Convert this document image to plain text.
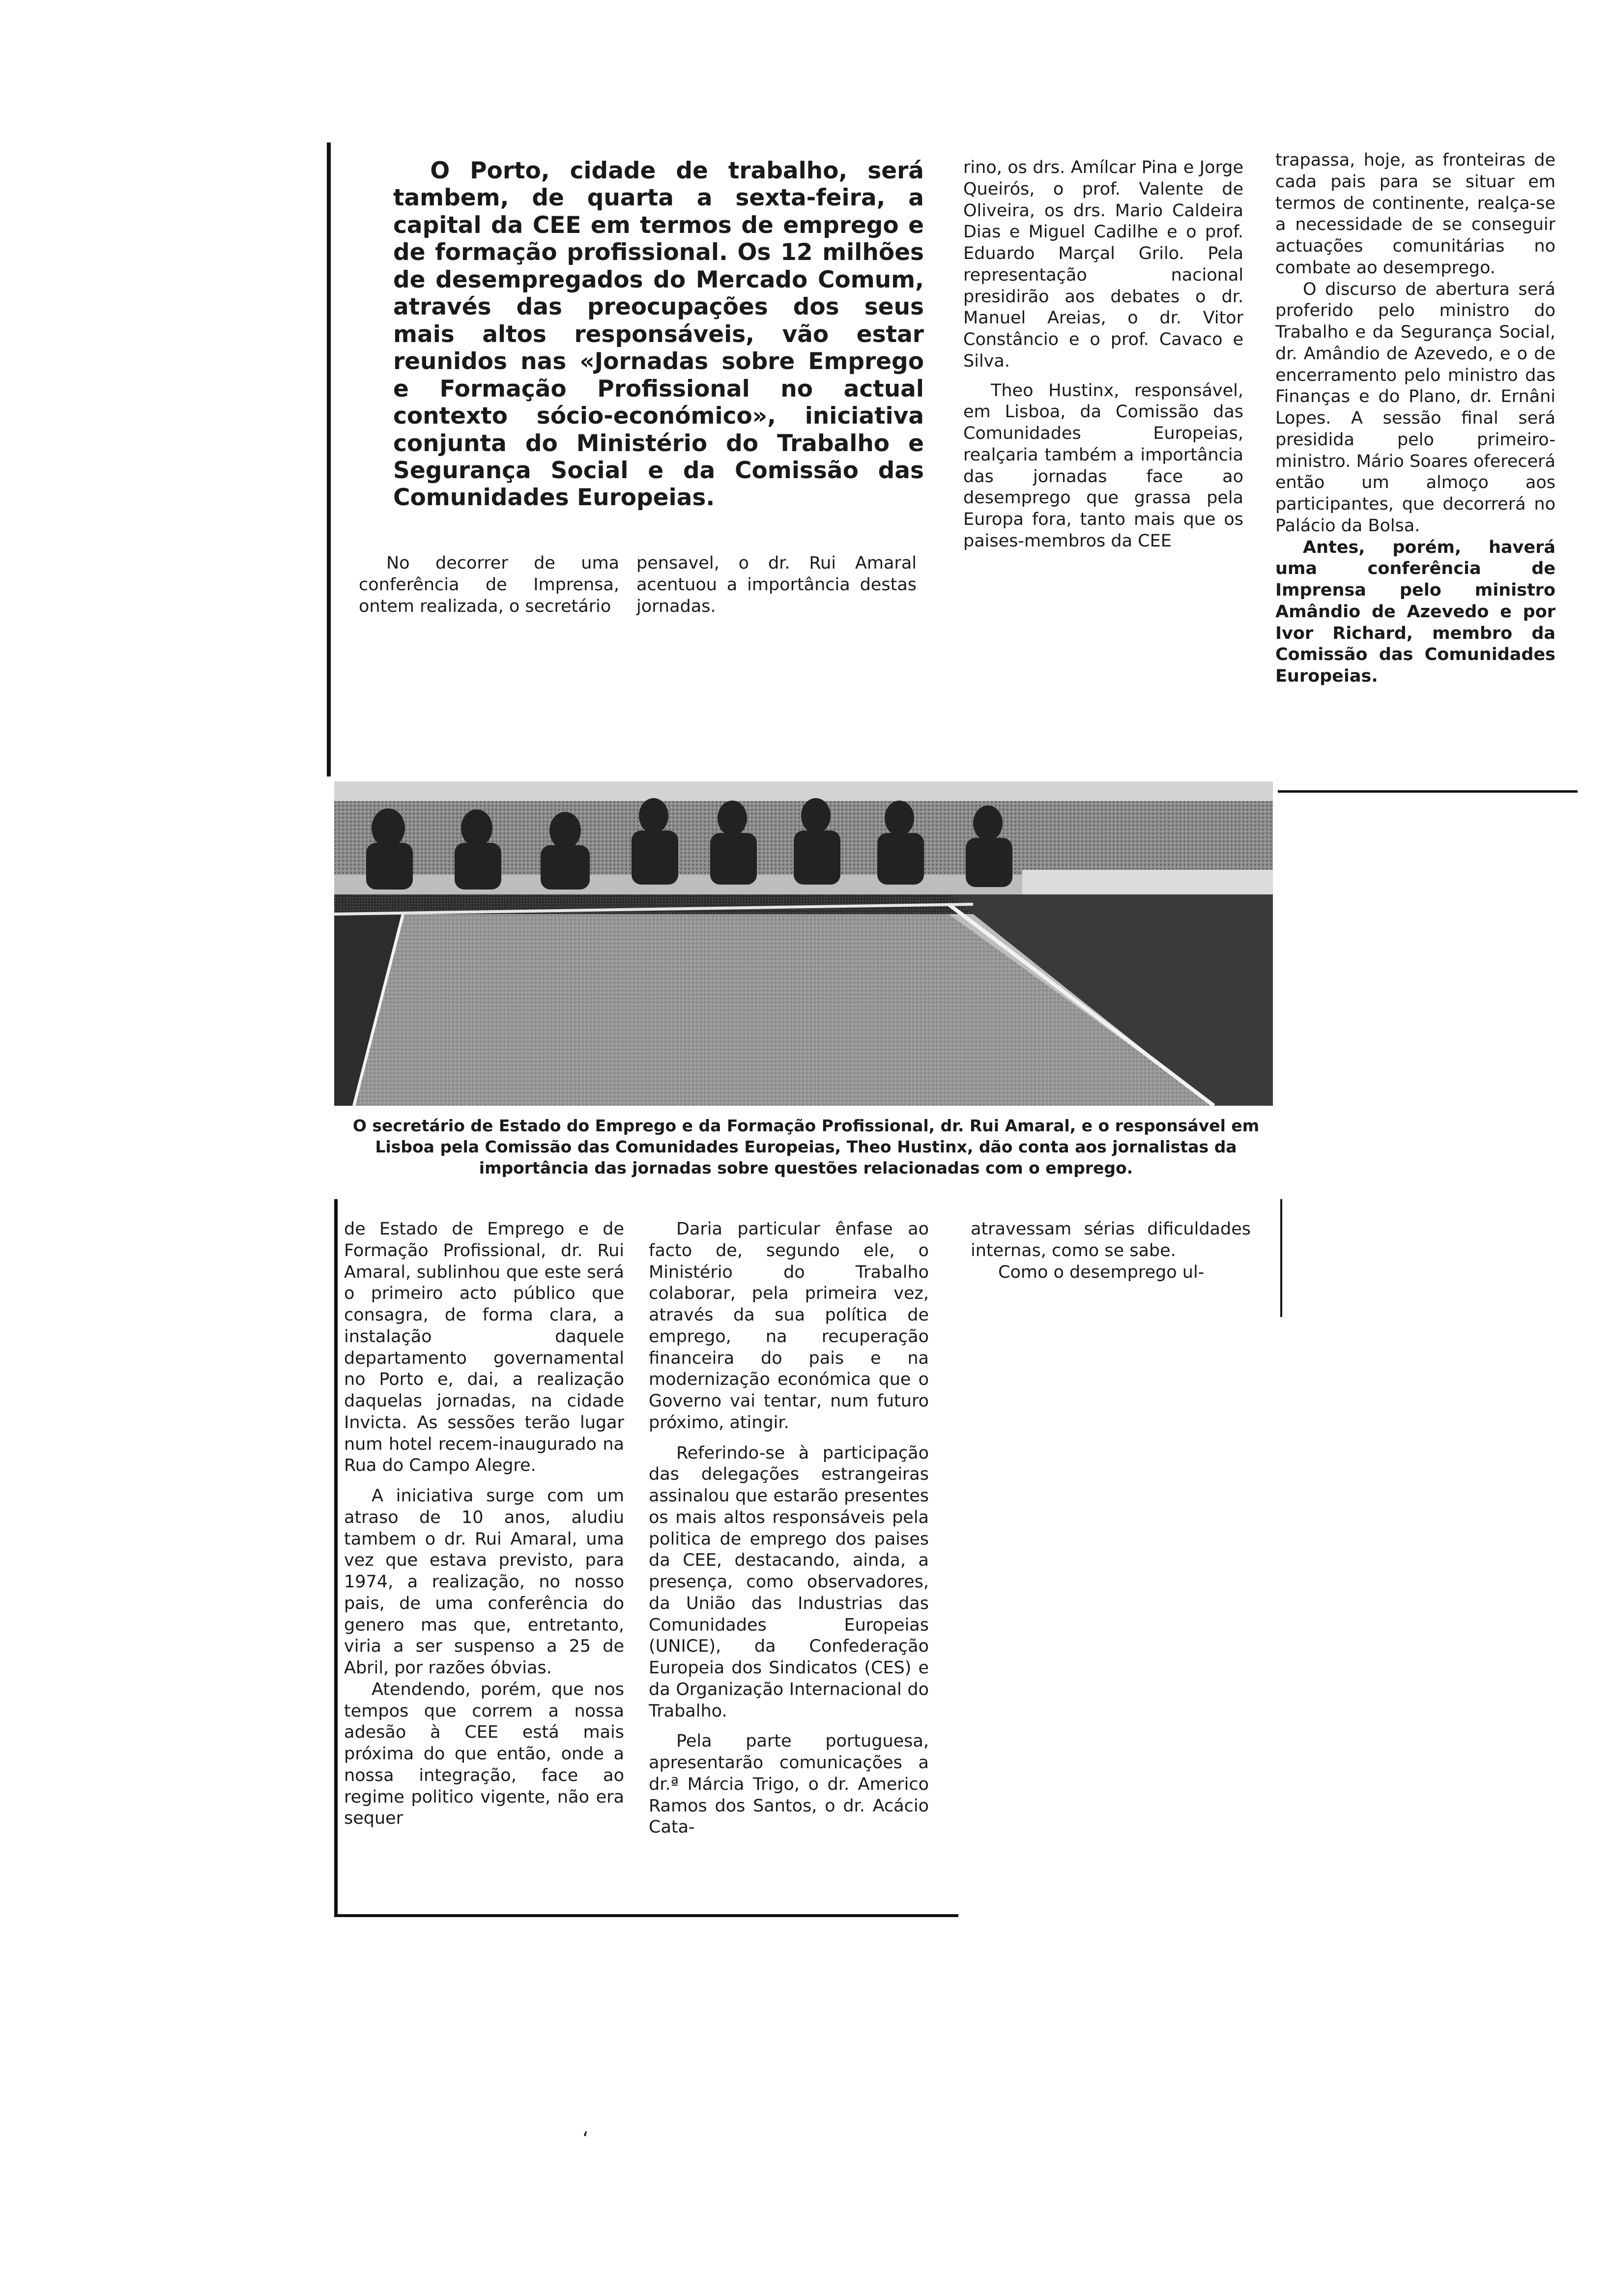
O Porto, cidade de trabalho, será tambem, de quarta a sexta-feira, a capital da CEE em termos de emprego e de formação profissional. Os 12 milhões de desempregados do Mercado Comum, através das preocupações dos seus mais altos responsáveis, vão estar reunidos nas «Jornadas sobre Emprego e Formação Profissional no actual contexto sócio-económico», iniciativa conjunta do Ministério do Trabalho e Segurança Social e da Comissão das Comunidades Europeias.

No decorrer de uma conferência de Imprensa, ontem realizada, o secretário

pensavel, o dr. Rui Amaral acentuou a importância destas jornadas.

rino, os drs. Amílcar Pina e Jorge Queirós, o prof. Valente de Oliveira, os drs. Mario Caldeira Dias e Miguel Cadilhe e o prof. Eduardo Marçal Grilo. Pela representação nacional presidirão aos debates o dr. Manuel Areias, o dr. Vitor Constâncio e o prof. Cavaco e Silva.

Theo Hustinx, responsável, em Lisboa, da Comissão das Comunidades Europeias, realçaria também a importância das jornadas face ao desemprego que grassa pela Europa fora, tanto mais que os paises-membros da CEE

trapassa, hoje, as fronteiras de cada pais para se situar em termos de continente, realça-se a necessidade de se conseguir actuações comunitárias no combate ao desemprego.

O discurso de abertura será proferido pelo ministro do Trabalho e da Segurança Social, dr. Amândio de Azevedo, e o de encerramento pelo ministro das Finanças e do Plano, dr. Ernâni Lopes. A sessão final será presidida pelo primeiro-ministro. Mário Soares oferecerá então um almoço aos participantes, que decorrerá no Palácio da Bolsa.

Antes, porém, haverá uma conferência de Imprensa pelo ministro Amândio de Azevedo e por Ivor Richard, membro da Comissão das Comunidades Europeias.

O secretário de Estado do Emprego e da Formação Profissional, dr. Rui Amaral, e o responsável em Lisboa pela Comissão das Comunidades Europeias, Theo Hustinx, dão conta aos jornalistas da importância das jornadas sobre questões relacionadas com o emprego.

de Estado de Emprego e de Formação Profissional, dr. Rui Amaral, sublinhou que este será o primeiro acto público que consagra, de forma clara, a instalação daquele departamento governamental no Porto e, dai, a realização daquelas jornadas, na cidade Invicta. As sessões terão lugar num hotel recem-inaugurado na Rua do Campo Alegre.

A iniciativa surge com um atraso de 10 anos, aludiu tambem o dr. Rui Amaral, uma vez que estava previsto, para 1974, a realização, no nosso pais, de uma conferência do genero mas que, entretanto, viria a ser suspenso a 25 de Abril, por razões óbvias.

Atendendo, porém, que nos tempos que correm a nossa adesão à CEE está mais próxima do que então, onde a nossa integração, face ao regime politico vigente, não era sequer

Daria particular ênfase ao facto de, segundo ele, o Ministério do Trabalho colaborar, pela primeira vez, através da sua política de emprego, na recuperação financeira do pais e na modernização económica que o Governo vai tentar, num futuro próximo, atingir.

Referindo-se à participação das delegações estrangeiras assinalou que estarão presentes os mais altos responsáveis pela politica de emprego dos paises da CEE, destacando, ainda, a presença, como observadores, da União das Industrias das Comunidades Europeias (UNICE), da Confederação Europeia dos Sindicatos (CES) e da Organização Internacional do Trabalho.

Pela parte portuguesa, apresentarão comunicações a dr.ª Márcia Trigo, o dr. Americo Ramos dos Santos, o dr. Acácio Cata-

atravessam sérias dificuldades internas, como se sabe.

Como o desemprego ul-

‘
